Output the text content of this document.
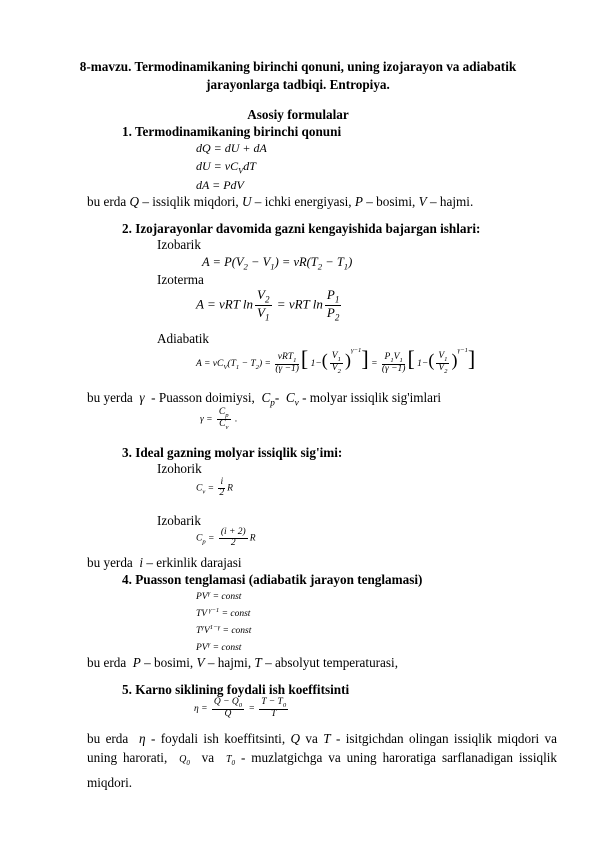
8-mavzu. Termodinamikaning birinchi qonuni, uning izojarayon va adiabatik
jarayonlarga tadbiqi. Entropiya.
Asosiy formulalar
1. Termodinamikaning birinchi qonuni
dQ = dU + dA
dU = $\nu C_VdT$
dA = PdV
bu erda Q – issiqlik miqdori, U – ichki energiyasi, P – bosimi, V – hajmi.
2. Izojarayonlar davomida gazni kengayishida bajargan ishlari:
Izobarik
$A = P(V_2 - V_1) = \nu R(T_2 - T_1)$
Izoterma
A = νRT $\ln \frac{V_2}{V_1} = \nu RT$ $\ln \frac{P_1}{P_2}$
Adiabatik
$A = \nu C_V(T_1 - T_2) = \frac{\nu RT_1}{(\gamma -1)}$ [ $1-( \frac{V_1}{V_2} )^{\gamma-1}] = \frac{P_1V_1}{(\gamma -1)}$ [ $1-( \frac{V_1}{V_2} )^{\gamma-1}$]
bu yerda  γ  - Puasson doimiysi,  $C_p-$  $C_v$ - molyar issiqlik sig'imlari
$\gamma = \frac{C_p}{C_v}$ .
3. Ideal gazning molyar issiqlik sig'imi:
Izohorik
$C_v = \frac{i}{2}$ R
Izobarik
$C_p = \frac{(i + 2)}{2}$ R
bu yerda  i – erkinlik darajasi
4. Puasson tenglamasi (adiabatik jarayon tenglamasi)
$PV^\gamma$ = const
TV $^{\gamma-1}$ = const
$T^\gamma V^{1-\gamma}$ = const
$PV^\gamma$ = const
bu erda  P – bosimi, V – hajmi, T – absolyut temperaturasi,
5. Karno siklining foydali ish koeffitsinti
$\eta = \frac{Q - Q_0}{Q} = \frac{T - T_0}{T}$
bu erda  η - foydali ish koeffitsinti, Q va T - isitgichdan olingan issiqlik miqdori va uning harorati,  $Q_0$  va  $T_0$ - muzlatgichga va uning haroratiga sarflanadigan issiqlik miqdori.
